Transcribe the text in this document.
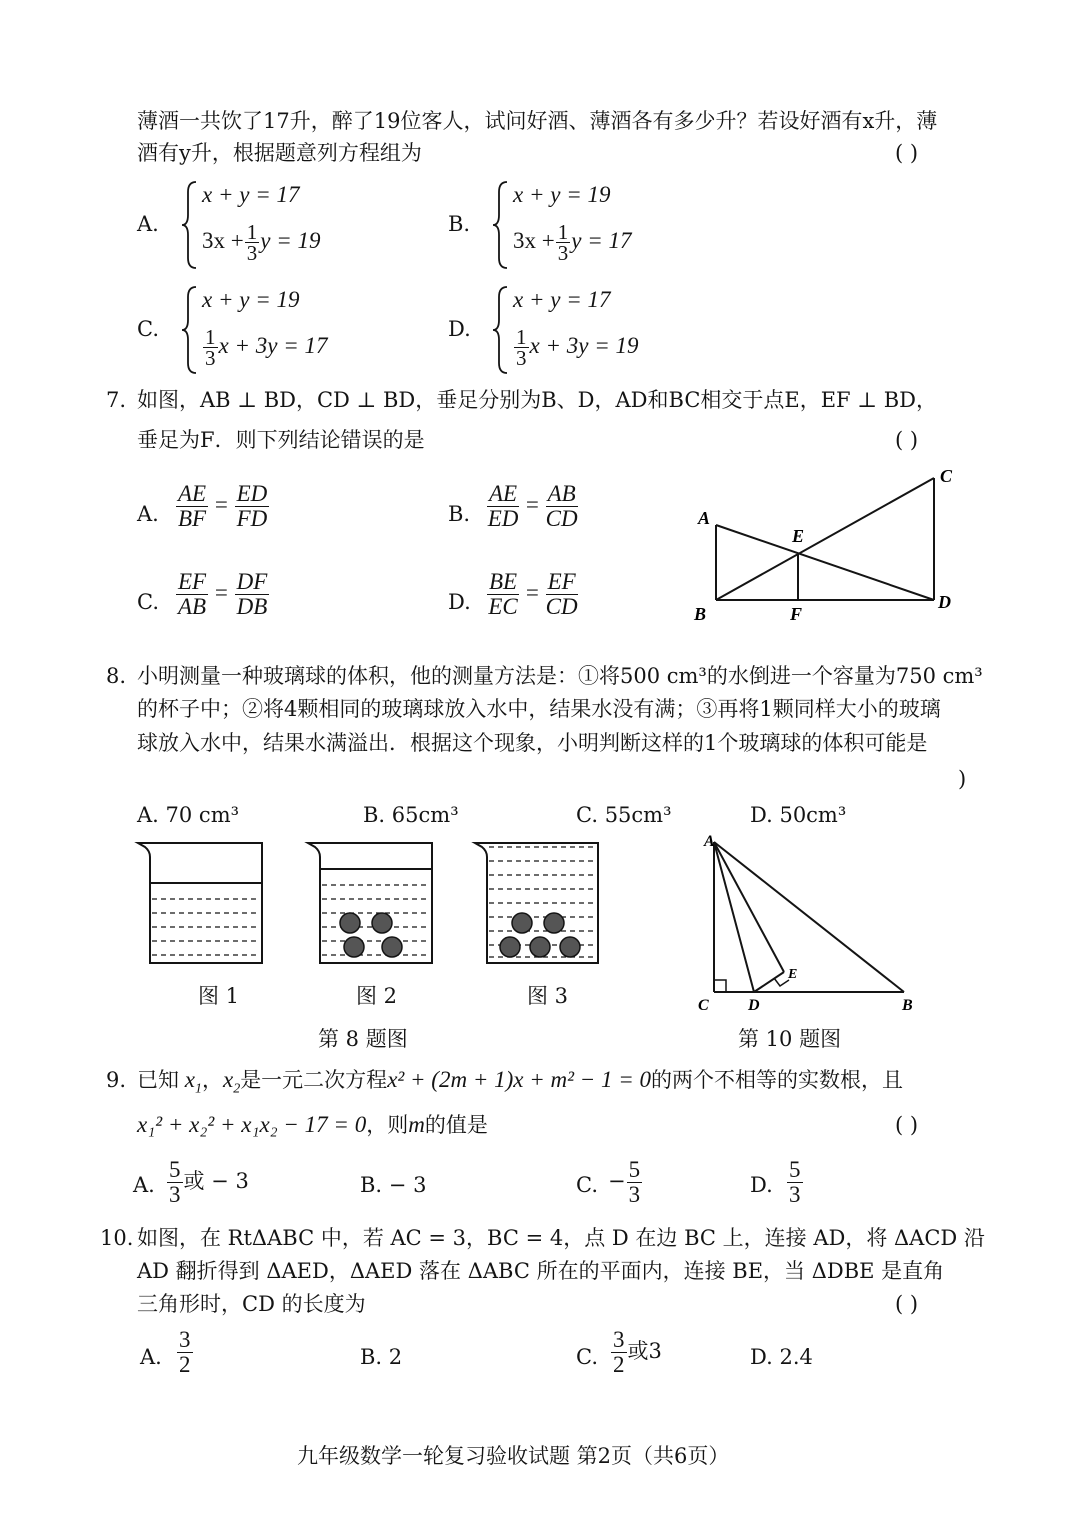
薄酒一共饮了17升，醉了19位客人，试问好酒、薄酒各有多少升？若设好酒有x升，薄
酒有y升，根据题意列方程组为	( )
A.
x + y = 17
$3x + \frac{1}{3}$ y = 19
B.
x + y = 19
$3x + \frac{1}{3}$ y = 17
C.
x + y = 19
$\frac{1}{3}$ x + 3y = 17
D.
x + y = 17
$\frac{1}{3}$ x + 3y = 19
7. 如图，AB ⊥ BD，CD ⊥ BD，垂足分别为B、D，AD和BC相交于点E，EF ⊥ BD，
垂足为F．则下列结论错误的是	( )
A. $\frac{AE}{BF} = \frac{ED}{FD}$	B. $\frac{AE}{ED} = \frac{AB}{CD}$
C. $\frac{EF}{AB} = \frac{DF}{DB}$	D. $\frac{BE}{EC} = \frac{EF}{CD}$
A
B
C
D
E
F
8. 小明测量一种玻璃球的体积，他的测量方法是：①将500 cm³的水倒进一个容量为750 cm³
的杯子中；②将4颗相同的玻璃球放入水中，结果水没有满；③再将1颗同样大小的玻璃
球放入水中，结果水满溢出．根据这个现象，小明判断这样的1个玻璃球的体积可能是
)
A. 70 cm³	B. 65cm³	C. 55cm³	D. 50cm³
图 1	图 2	图 3
第 8 题图
A
C D	B
E
第 10 题图
9. 已知 $x_1$，$x_2$是一元二次方程x² + (2m + 1)x + m² − 1 = 0的两个不相等的实数根，且
x₁² + x₂² + x₁x₂ − 17 = 0，则m的值是	( )
A. $\frac{5}{3}$ 或 − 3	B. − 3	C. − $\frac{5}{3}$	D. $\frac{5}{3}$
10. 如图，在 RtΔABC 中，若 AC = 3，BC = 4，点 D 在边 BC 上，连接 AD，将 ΔACD 沿
AD 翻折得到 ΔAED，ΔAED 落在 ΔABC 所在的平面内，连接 BE，当 ΔDBE 是直角
三角形时，CD 的长度为	( )
A. $\frac{3}{2}$	B. 2	C. $\frac{3}{2}$ 或3	D. 2.4
九年级数学一轮复习验收试题 第2页（共6页）
